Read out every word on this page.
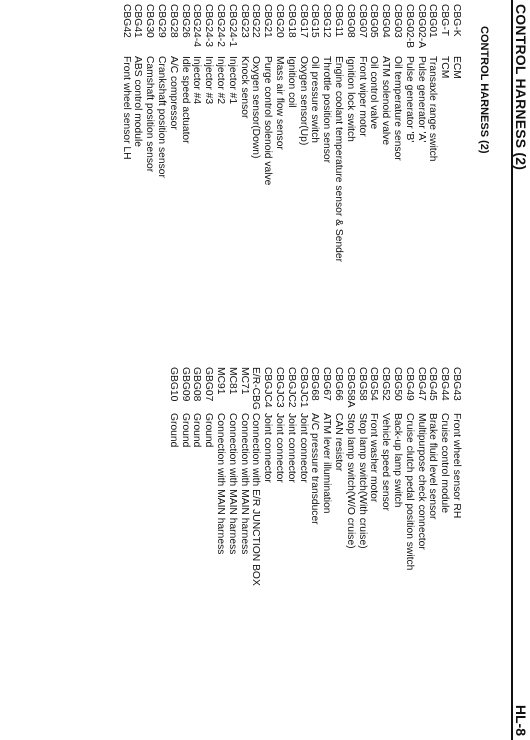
CONTROL HARNESS (2)
HL-8
CONTROL HARNESS (2)
CBG-K
ECM
CBG-T
TCM
CBG01
Transaxle range switch
CBG02-A
Pulse generator 'A'
CBG02-B
Pulse generator 'B'
CBG03
Oil temperature sensor
CBG04
ATM solenoid valve
CBG05
Oil control valve
CBG07
Front wiper motor
CBG08
Ignition lock switch
CBG11
Engine coolant temperature sensor & Sender
CBG12
Throttle position sensor
CBG15
Oil pressure switch
CBG17
Oxygen sensor(Up)
CBG18
Ignition coil
CBG20
Mass air flow sensor
CBG21
Purge control solenoid valve
CBG22
Oxygen sensor(Down)
CBG23
Knock sensor
CBG24-1
Injector #1
CBG24-2
Injector #2
CBG24-3
Injector #3
CBG24-4
Injector #4
CBG26
Idle speed actuator
CBG28
A/C compressor
CBG29
Crankshaft position sensor
CBG30
Camshaft position sensor
CBG41
ABS control module
CBG42
Front wheel sensor LH
CBG43
Front wheel sensor RH
CBG44
Cruise control module
CBG45
Brake fluid level sensor
CBG47
Multipurpose check connector
CBG49
Cruise clutch pedal position switch
CBG50
Back-up lamp switch
CBG52
Vehicle speed sensor
CBG54
Front washer motor
CBG58
Stop lamp switch(With cruise)
CBG58A
Stop lamp switch(W/O cruise)
CBG66
CAN resistor
CBG67
ATM lever illumination
CBG68
A/C pressure transducer
CBGJC1
Joint connector
CBGJC2
Joint connector
CBGJC3
Joint connector
CBGJC4
Joint connector
E/R-CBG
Connection with E/R JUNCTION BOX
MC71
Connection with MAIN harness
MC81
Connection with MAIN harness
MC91
Connection with MAIN harness
GBG07
Ground
GBG08
Ground
GBG09
Ground
GBG10
Ground
